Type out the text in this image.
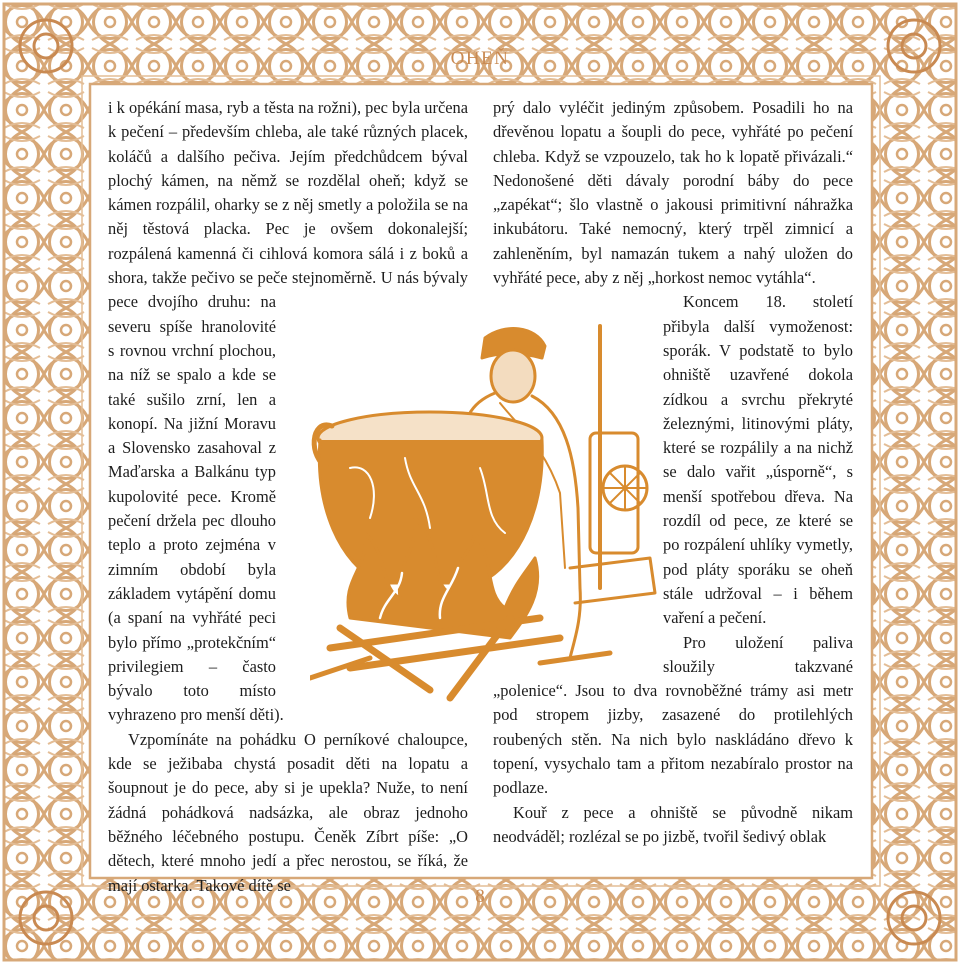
OHEŇ

i k opékání masa, ryb a těsta na rožni), pec byla určena k pečení – především chleba, ale také různých placek, koláčů a dalšího pečiva. Jejím předchůdcem býval plochý kámen, na němž se rozdělal oheň; když se kámen rozpálil, oharky se z něj smetly a položila se na něj těstová placka. Pec je ovšem dokonalejší; rozpálená kamenná či cihlová komora sálá i z boků a shora, takže pečivo se peče stejnoměrně. U nás bývaly pece dvojího druhu: na severu spíše hranolovité s rovnou vrchní plochou, na níž se spalo a kde se také sušilo zrní, len a konopí. Na jižní Moravu a Slovensko zasahoval z Maďarska a Balkánu typ kupolovité pece. Kromě pečení držela pec dlouho teplo a proto zejména v zimním období byla základem vytápění domu (a spaní na vyhřáté peci bylo přímo „protekčním“ privilegiem – často bývalo toto místo vyhrazeno pro menší děti).

Vzpomínáte na pohádku O perníkové chaloupce, kde se ježibaba chystá posadit děti na lopatu a šoupnout je do pece, aby si je upekla? Nuže, to není žádná pohádková nadsázka, ale obraz jednoho běžného léčebného postupu. Čeněk Zíbrt píše: „O dětech, které mnoho jedí a přec nerostou, se říká, že mají ostarka. Takové dítě se

prý dalo vyléčit jediným způsobem. Posadili ho na dřevěnou lopatu a šoupli do pece, vyhřáté po pečení chleba. Když se vzpouzelo, tak ho k lopatě přivázali.“ Nedonošené děti dávaly porodní báby do pece „zapékat“; šlo vlastně o jakousi primitivní náhražka inkubátoru. Také nemocný, který trpěl zimnicí a zahleněním, byl namazán tukem a nahý uložen do vyhřáté pece, aby z něj „horkost nemoc vytáhla“.

Koncem 18. století přibyla další vymoženost: sporák. V podstatě to bylo ohniště uzavřené dokola zídkou a svrchu překryté železnými, litinovými pláty, které se rozpálily a na nichž se dalo vařit „úsporně“, s menší spotřebou dřeva. Na rozdíl od pece, ze které se po rozpálení uhlíky vymetly, pod pláty sporáku se oheň stále udržoval – i během vaření a pečení.

Pro uložení paliva sloužily takzvané „polenice“. Jsou to dva rovnoběžné trámy asi metr pod stropem jizby, zasazené do protilehlých roubených stěn. Na nich bylo naskládáno dřevo k topení, vysychalo tam a přitom nezabíralo prostor na podlaze.

Kouř z pece a ohniště se původně nikam neodváděl; rozlézal se po jizbě, tvořil šedivý oblak

8
